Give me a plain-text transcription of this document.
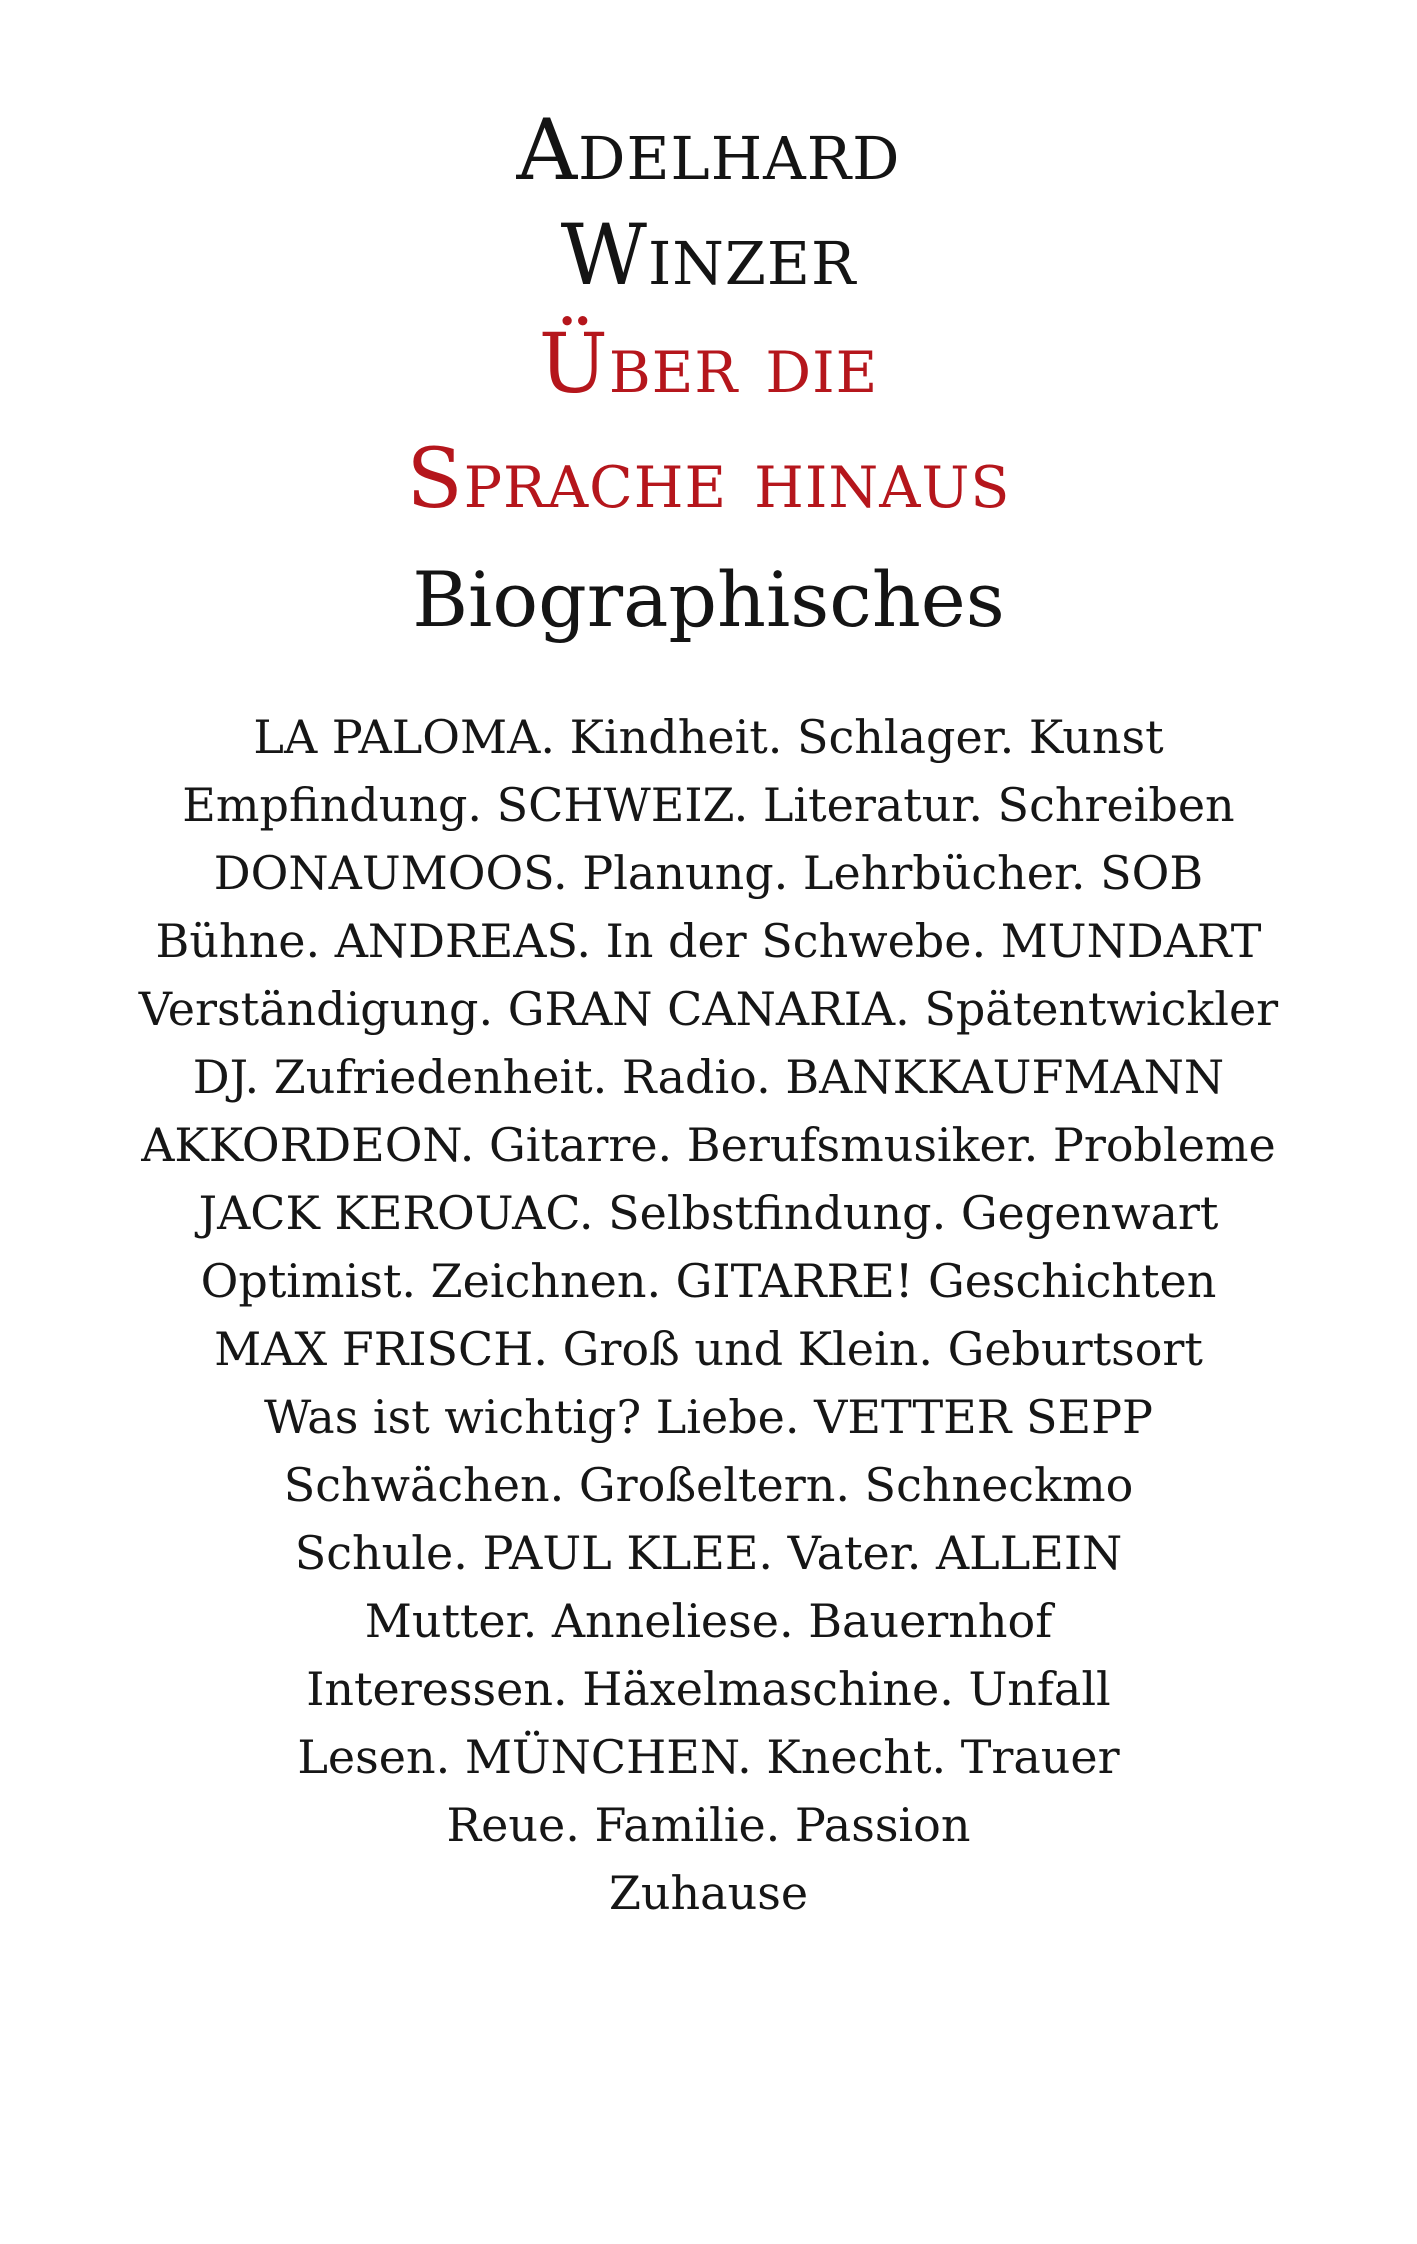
Adelhard
Winzer
Über die
Sprache hinaus
Biographisches
LA PALOMA. Kindheit. Schlager. Kunst
Empfindung. SCHWEIZ. Literatur. Schreiben
DONAUMOOS. Planung. Lehrbücher. SOB
Bühne. ANDREAS. In der Schwebe. MUNDART
Verständigung. GRAN CANARIA. Spätentwickler
DJ. Zufriedenheit. Radio. BANKKAUFMANN
AKKORDEON. Gitarre. Berufsmusiker. Probleme
JACK KEROUAC. Selbstfindung. Gegenwart
Optimist. Zeichnen. GITARRE! Geschichten
MAX FRISCH. Groß und Klein. Geburtsort
Was ist wichtig? Liebe. VETTER SEPP
Schwächen. Großeltern. Schneckmo
Schule. PAUL KLEE. Vater. ALLEIN
Mutter. Anneliese. Bauernhof
Interessen. Häxelmaschine. Unfall
Lesen. MÜNCHEN. Knecht. Trauer
Reue. Familie. Passion
Zuhause
